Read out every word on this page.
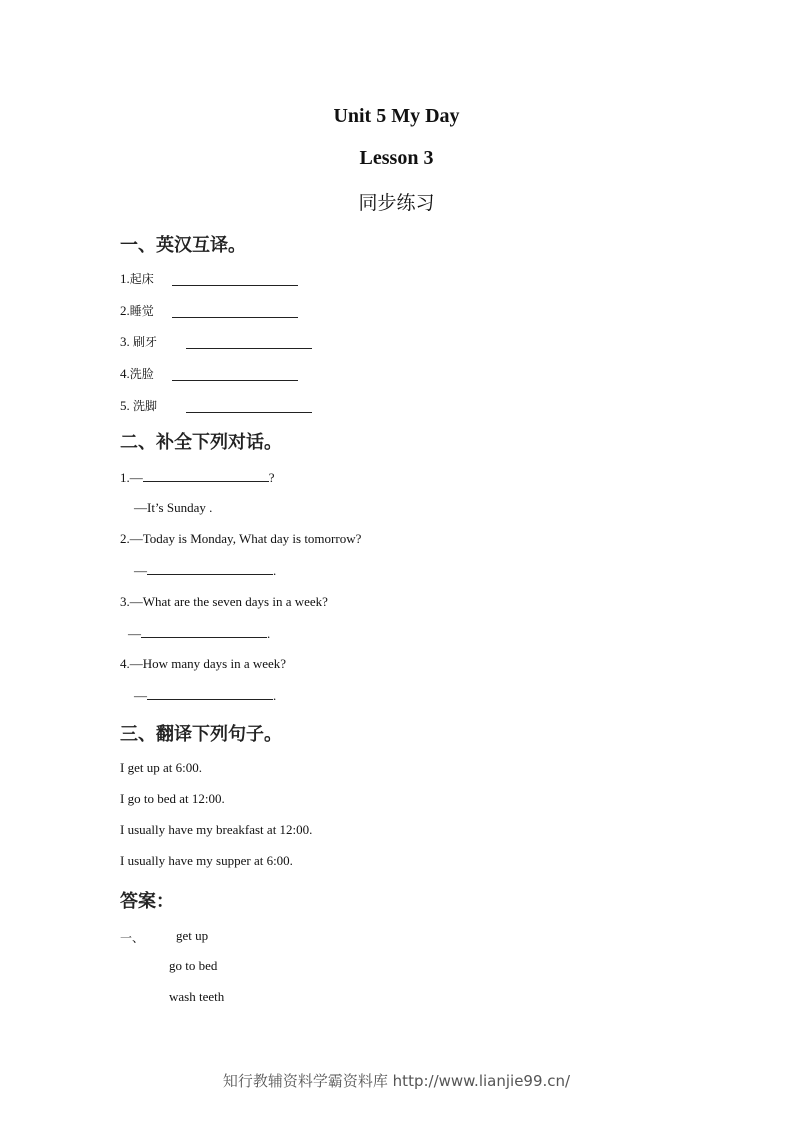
Unit 5 My Day
Lesson 3
同步练习
一、英汉互译。
1.起床
2.睡觉
3. 刷牙
4.洗脸
5. 洗脚
二、补全下列对话。
1.—	?
—It’s Sunday .
2.—Today is Monday, What day is tomorrow?
—	.
3.—What are the seven days in a week?
—	.
4.—How many days in a week?
—	.
三、翻译下列句子。
I get up at 6:00.
I go to bed at 12:00.
I usually have my breakfast at 12:00.
I usually have my supper at 6:00.
答案：
一、 get up
go to bed
wash teeth
知行教辅资料学霸资料库 http://www.lianjie99.cn/
